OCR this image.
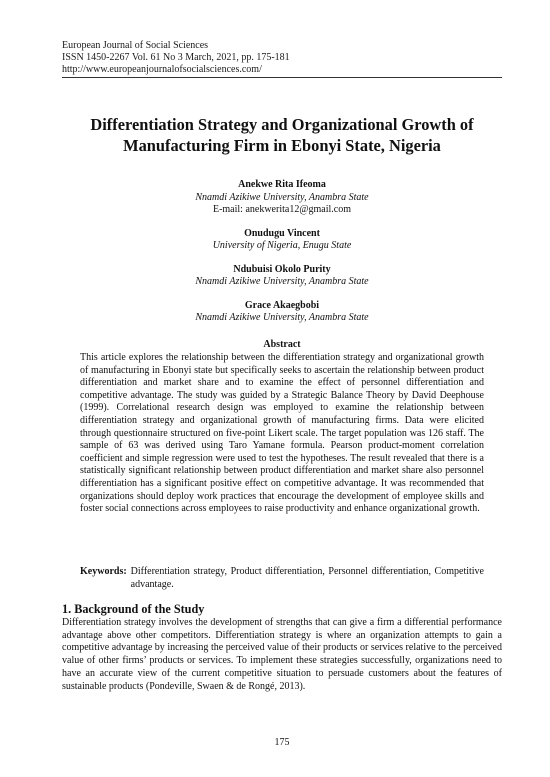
European Journal of Social Sciences
ISSN 1450-2267 Vol. 61 No 3 March, 2021, pp. 175-181
http://www.europeanjournalofsocialsciences.com/
Differentiation Strategy and Organizational Growth of Manufacturing Firm in Ebonyi State, Nigeria
Anekwe Rita Ifeoma
Nnamdi Azikiwe University, Anambra State
E-mail: anekwerita12@gmail.com
Onudugu Vincent
University of Nigeria, Enugu State
Ndubuisi Okolo Purity
Nnamdi Azikiwe University, Anambra State
Grace Akaegbobi
Nnamdi Azikiwe University, Anambra State
Abstract
This article explores the relationship between the differentiation strategy and organizational growth of manufacturing in Ebonyi state but specifically seeks to ascertain the relationship between product differentiation and market share and to examine the effect of personnel differentiation and competitive advantage. The study was guided by a Strategic Balance Theory by David Deephouse (1999). Correlational research design was employed to examine the relationship between differentiation strategy and organizational growth of manufacturing firms. Data were elicited through questionnaire structured on five-point Likert scale. The target population was 126 staff. The sample of 63 was derived using Taro Yamane formula. Pearson product-moment correlation coefficient and simple regression were used to test the hypotheses. The result revealed that there is a statistically significant relationship between product differentiation and market share also personnel differentiation has a significant positive effect on competitive advantage. It was recommended that organizations should deploy work practices that encourage the development of employee skills and foster social connections across employees to raise productivity and enhance organizational growth.
Keywords: Differentiation strategy, Product differentiation, Personnel differentiation, Competitive advantage.
1. Background of the Study
Differentiation strategy involves the development of strengths that can give a firm a differential performance advantage above other competitors. Differentiation strategy is where an organization attempts to gain a competitive advantage by increasing the perceived value of their products or services relative to the perceived value of other firms’ products or services. To implement these strategies successfully, organizations need to have an accurate view of the current competitive situation to persuade customers about the features of sustainable products (Pondeville, Swaen & de Rongé, 2013).
175
